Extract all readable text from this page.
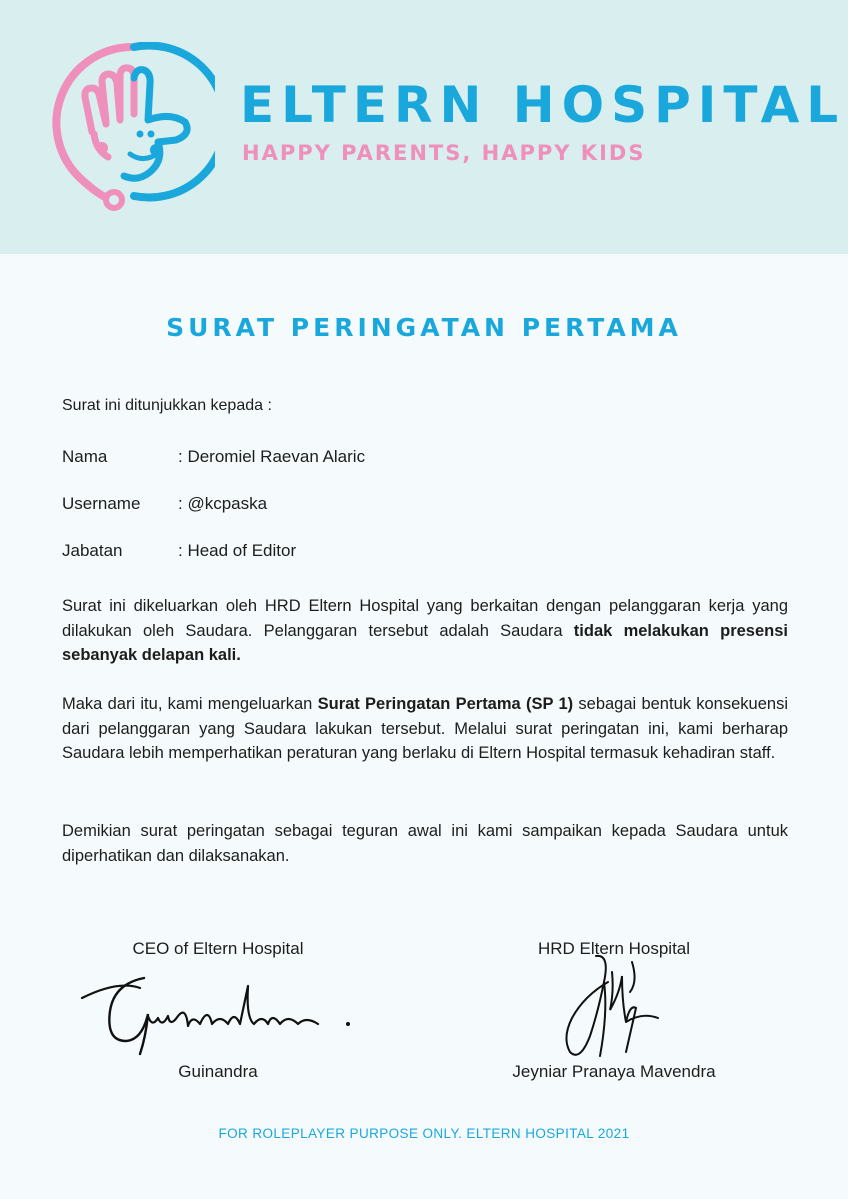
ELTERN HOSPITAL
HAPPY PARENTS, HAPPY KIDS
SURAT PERINGATAN PERTAMA
Surat ini ditunjukkan kepada :
Nama	: Deromiel Raevan Alaric
Username : @kcpaska
Jabatan	: Head of Editor
Surat ini dikeluarkan oleh HRD Eltern Hospital yang berkaitan dengan pelanggaran kerja yang dilakukan oleh Saudara. Pelanggaran tersebut adalah Saudara tidak melakukan presensi sebanyak delapan kali.
Maka dari itu, kami mengeluarkan Surat Peringatan Pertama (SP 1) sebagai bentuk konsekuensi dari pelanggaran yang Saudara lakukan tersebut. Melalui surat peringatan ini, kami berharap Saudara lebih memperhatikan peraturan yang berlaku di Eltern Hospital termasuk kehadiran staff.
Demikian surat peringatan sebagai teguran awal ini kami sampaikan kepada Saudara untuk diperhatikan dan dilaksanakan.
CEO of Eltern Hospital
Guinandra
HRD Eltern Hospital
Jeyniar Pranaya Mavendra
FOR ROLEPLAYER PURPOSE ONLY. ELTERN HOSPITAL 2021
